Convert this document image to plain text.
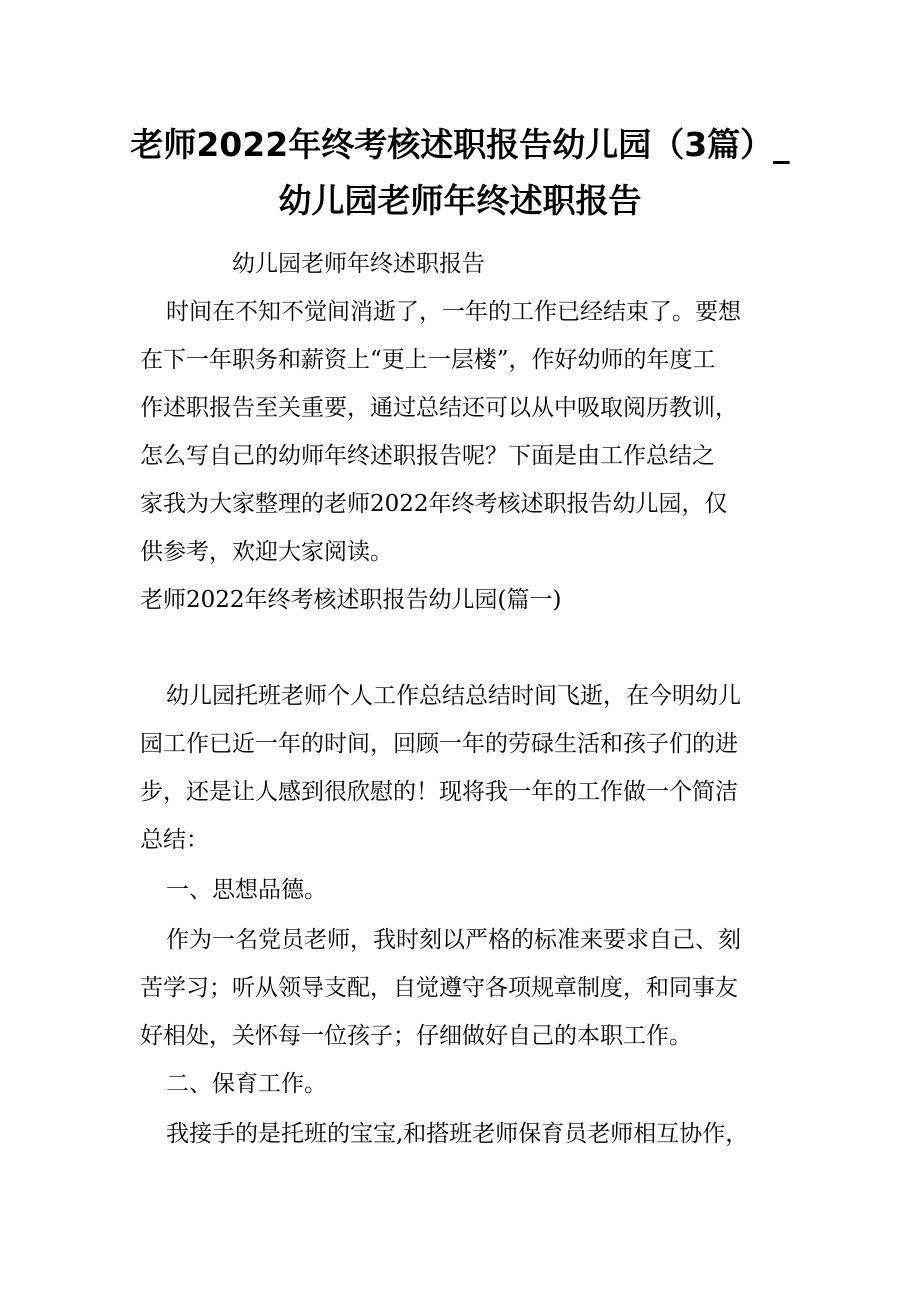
老师2022年终考核述职报告幼儿园（3篇）_
幼儿园老师年终述职报告
幼儿园老师年终述职报告
时间在不知不觉间消逝了，一年的工作已经结束了。要想
在下一年职务和薪资上“更上一层楼”，作好幼师的年度工
作述职报告至关重要，通过总结还可以从中吸取阅历教训，
怎么写自己的幼师年终述职报告呢？下面是由工作总结之
家我为大家整理的老师2022年终考核述职报告幼儿园，仅
供参考，欢迎大家阅读。
老师2022年终考核述职报告幼儿园(篇一)
幼儿园托班老师个人工作总结总结时间飞逝，在今明幼儿
园工作已近一年的时间，回顾一年的劳碌生活和孩子们的进
步，还是让人感到很欣慰的！现将我一年的工作做一个简洁
总结：
一、思想品德。
作为一名党员老师，我时刻以严格的标准来要求自己、刻
苦学习；听从领导支配，自觉遵守各项规章制度，和同事友
好相处，关怀每一位孩子；仔细做好自己的本职工作。
二、保育工作。
我接手的是托班的宝宝,和搭班老师保育员老师相互协作，
